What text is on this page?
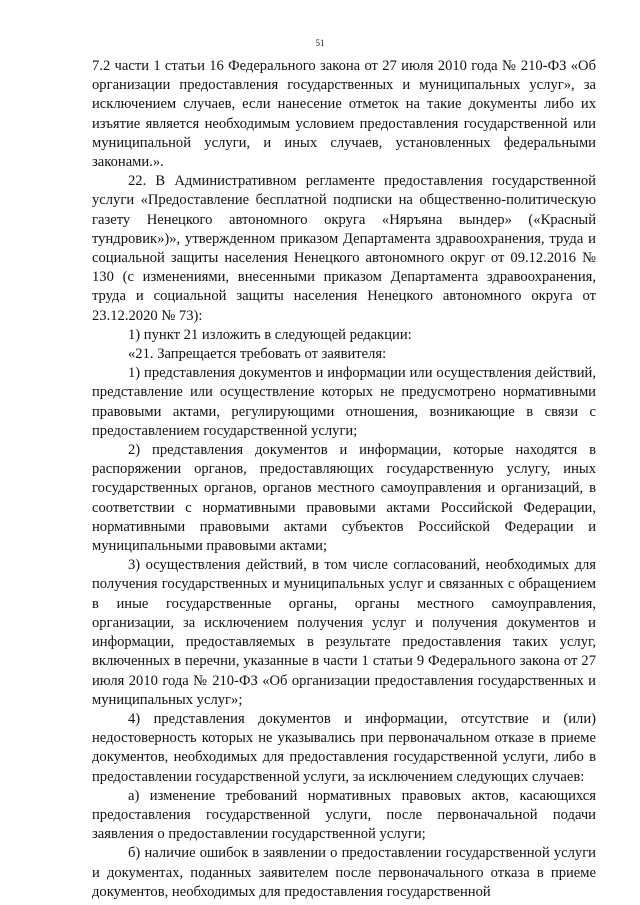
51

7.2 части 1 статьи 16 Федерального закона от 27 июля 2010 года № 210-ФЗ «Об организации предоставления государственных и муниципальных услуг», за исключением случаев, если нанесение отметок на такие документы либо их изъятие является необходимым условием предоставления государственной или муниципальной услуги, и иных случаев, установленных федеральными законами.».

22. В Административном регламенте предоставления государственной услуги «Предоставление бесплатной подписки на общественно-политическую газету Ненецкого автономного округа «Няръяна вындер» («Красный тундровик»)», утвержденном приказом Департамента здравоохранения, труда и социальной защиты населения Ненецкого автономного округ от 09.12.2016 № 130 (с изменениями, внесенными приказом Департамента здравоохранения, труда и социальной защиты населения Ненецкого автономного округа от 23.12.2020 № 73):

1) пункт 21 изложить в следующей редакции:

«21. Запрещается требовать от заявителя:

1) представления документов и информации или осуществления действий, представление или осуществление которых не предусмотрено нормативными правовыми актами, регулирующими отношения, возникающие в связи с предоставлением государственной услуги;

2) представления документов и информации, которые находятся в распоряжении органов, предоставляющих государственную услугу, иных государственных органов, органов местного самоуправления и организаций, в соответствии с нормативными правовыми актами Российской Федерации, нормативными правовыми актами субъектов Российской Федерации и муниципальными правовыми актами;

3) осуществления действий, в том числе согласований, необходимых для получения государственных и муниципальных услуг и связанных с обращением в иные государственные органы, органы местного самоуправления, организации, за исключением получения услуг и получения документов и информации, предоставляемых в результате предоставления таких услуг, включенных в перечни, указанные в части 1 статьи 9 Федерального закона от 27 июля 2010 года № 210-ФЗ «Об организации предоставления государственных и муниципальных услуг»;

4) представления документов и информации, отсутствие и (или) недостоверность которых не указывались при первоначальном отказе в приеме документов, необходимых для предоставления государственной услуги, либо в предоставлении государственной услуги, за исключением следующих случаев:

а) изменение требований нормативных правовых актов, касающихся предоставления государственной услуги, после первоначальной подачи заявления о предоставлении государственной услуги;

б) наличие ошибок в заявлении о предоставлении государственной услуги и документах, поданных заявителем после первоначального отказа в приеме документов, необходимых для предоставления государственной
